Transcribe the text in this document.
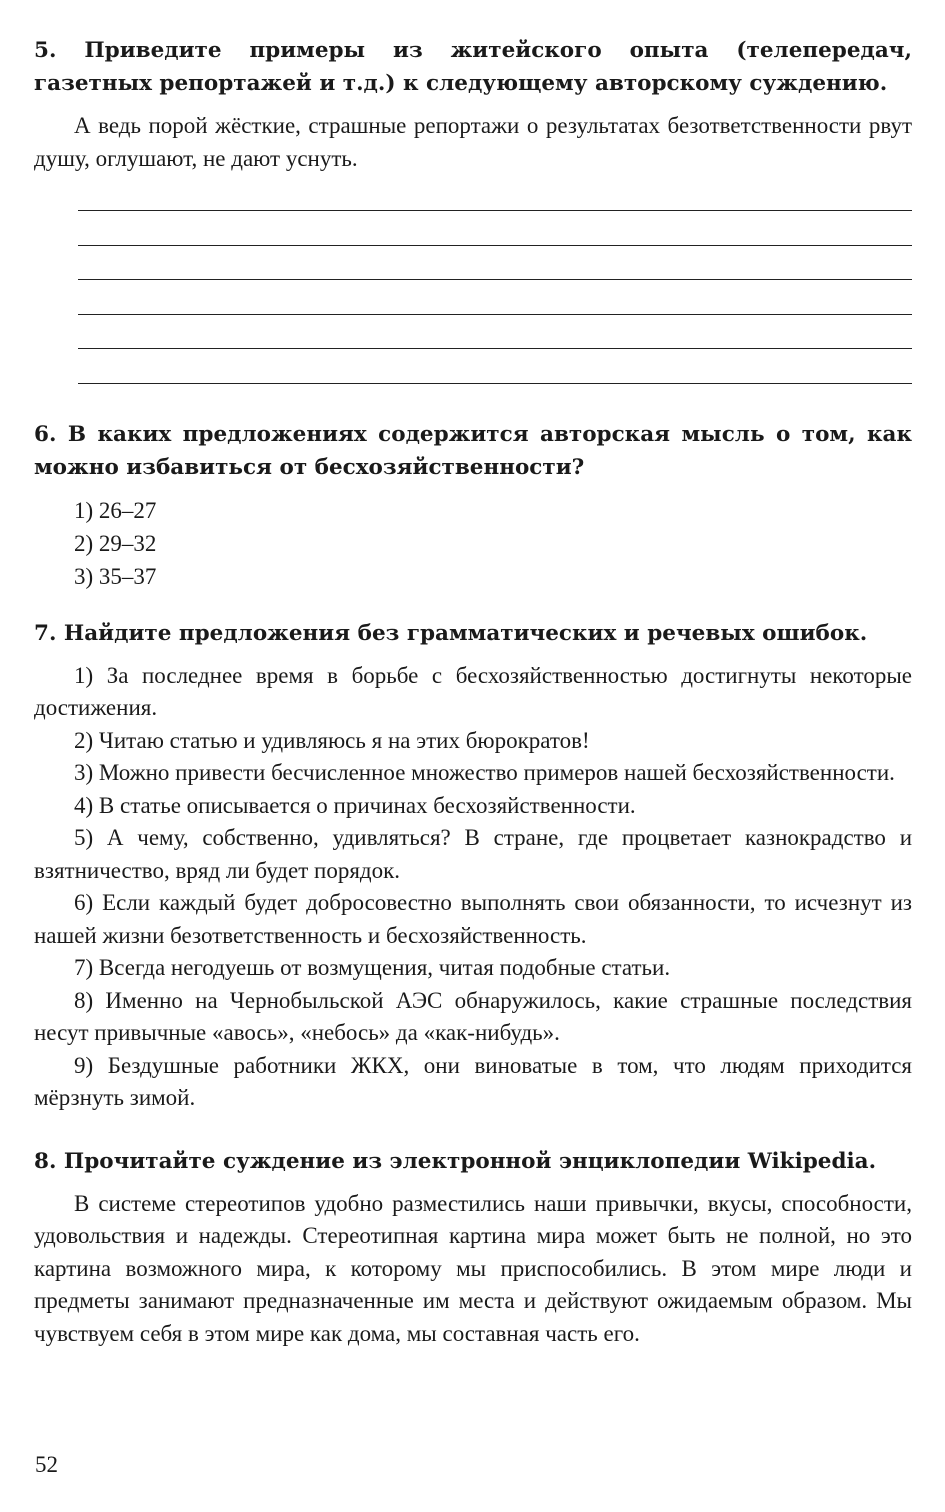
5. Приведите примеры из житейского опыта (телепередач, газетных репортажей и т.д.) к следующему авторскому суждению.

А ведь порой жёсткие, страшные репортажи о результатах безответственности рвут душу, оглушают, не дают уснуть.

6. В каких предложениях содержится авторская мысль о том, как можно избавиться от бесхозяйственности?

1) 26–27
2) 29–32
3) 35–37

7. Найдите предложения без грамматических и речевых ошибок.

1) За последнее время в борьбе с бесхозяйственностью достигнуты некоторые достижения.

2) Читаю статью и удивляюсь я на этих бюрократов!

3) Можно привести бесчисленное множество примеров нашей бесхозяйственности.

4) В статье описывается о причинах бесхозяйственности.

5) А чему, собственно, удивляться? В стране, где процветает казнокрадство и взятничество, вряд ли будет порядок.

6) Если каждый будет добросовестно выполнять свои обязанности, то исчезнут из нашей жизни безответственность и бесхозяйственность.

7) Всегда негодуешь от возмущения, читая подобные статьи.

8) Именно на Чернобыльской АЭС обнаружилось, какие страшные последствия несут привычные «авось», «небось» да «как-нибудь».

9) Бездушные работники ЖКХ, они виноватые в том, что людям приходится мёрзнуть зимой.

8. Прочитайте суждение из электронной энциклопедии Wikipedia.

В системе стереотипов удобно разместились наши привычки, вкусы, способности, удовольствия и надежды. Стереотипная картина мира может быть не полной, но это картина возможного мира, к которому мы приспособились. В этом мире люди и предметы занимают предназначенные им места и действуют ожидаемым образом. Мы чувствуем себя в этом мире как дома, мы составная часть его.

52
